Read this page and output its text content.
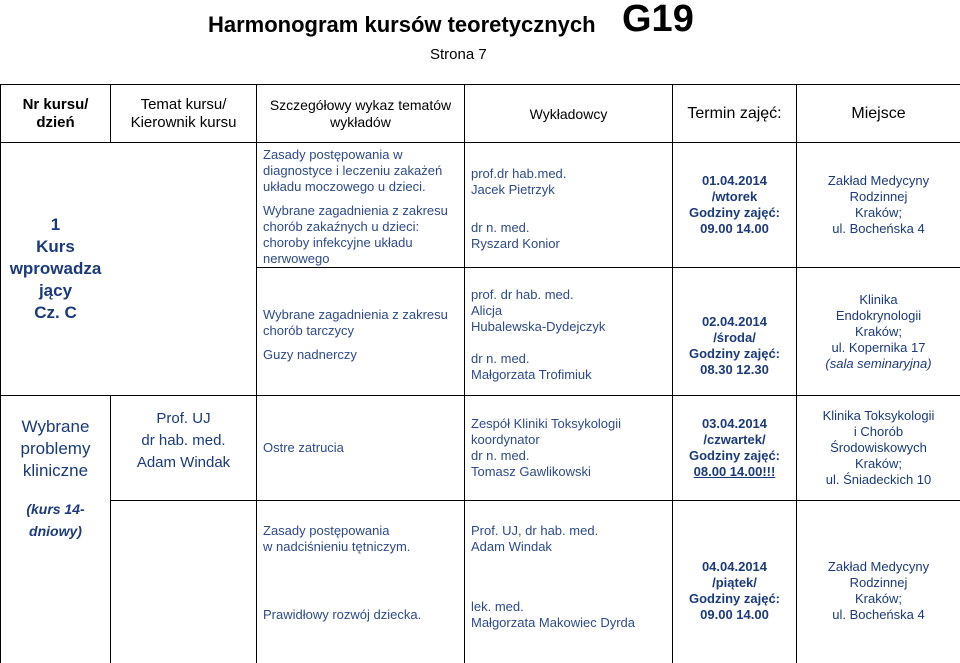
Harmonogram kursów teoretycznych G19
Strona 7
Nr kursu/
dzień	Temat kursu/
Kierownik kursu	Szczegółowy wykaz tematów
wykładów	Wykładowcy	Termin zajęć:	Miejsce

1
Kurs
wprowadza
jący
Cz. C		Zasady postępowania w diagnostyce i leczeniu zakażeń układu moczowego u dzieci.
Wybrane zagadnienia z zakresu chorób zakaźnych u dzieci: choroby infekcyjne układu nerwowego	prof.dr hab.med.
Jacek Pietrzyk
dr n. med.
Ryszard Konior	01.04.2014
/wtorek
Godziny zajęć:
09.00 14.00	Zakład Medycyny
Rodzinnej
Kraków;
ul. Bocheńska 4

		Wybrane zagadnienia z zakresu chorób tarczycy
Guzy nadnerczy	prof. dr hab. med.
Alicja
Hubalewska-Dydejczyk
dr n. med.
Małgorzata Trofimiuk	02.04.2014
/środa/
Godziny zajęć:
08.30 12.30	Klinika
Endokrynologii
Kraków;
ul. Kopernika 17
(sala seminaryjna)

Wybrane
problemy
kliniczne
(kurs 14-
dniowy)	Prof. UJ
dr hab. med.
Adam Windak	Ostre zatrucia	Zespół Kliniki Toksykologii
koordynator
dr n. med.
Tomasz Gawlikowski	03.04.2014
/czwartek/
Godziny zajęć:
08.00 14.00!!!	Klinika Toksykologii
i Chorób
Środowiskowych
Kraków;
ul. Śniadeckich 10

		Zasady postępowania
w nadciśnieniu tętniczym.
Prawidłowy rozwój dziecka.	Prof. UJ, dr hab. med.
Adam Windak
lek. med.
Małgorzata Makowiec Dyrda	04.04.2014
/piątek/
Godziny zajęć:
09.00 14.00	Zakład Medycyny
Rodzinnej
Kraków;
ul. Bocheńska 4
